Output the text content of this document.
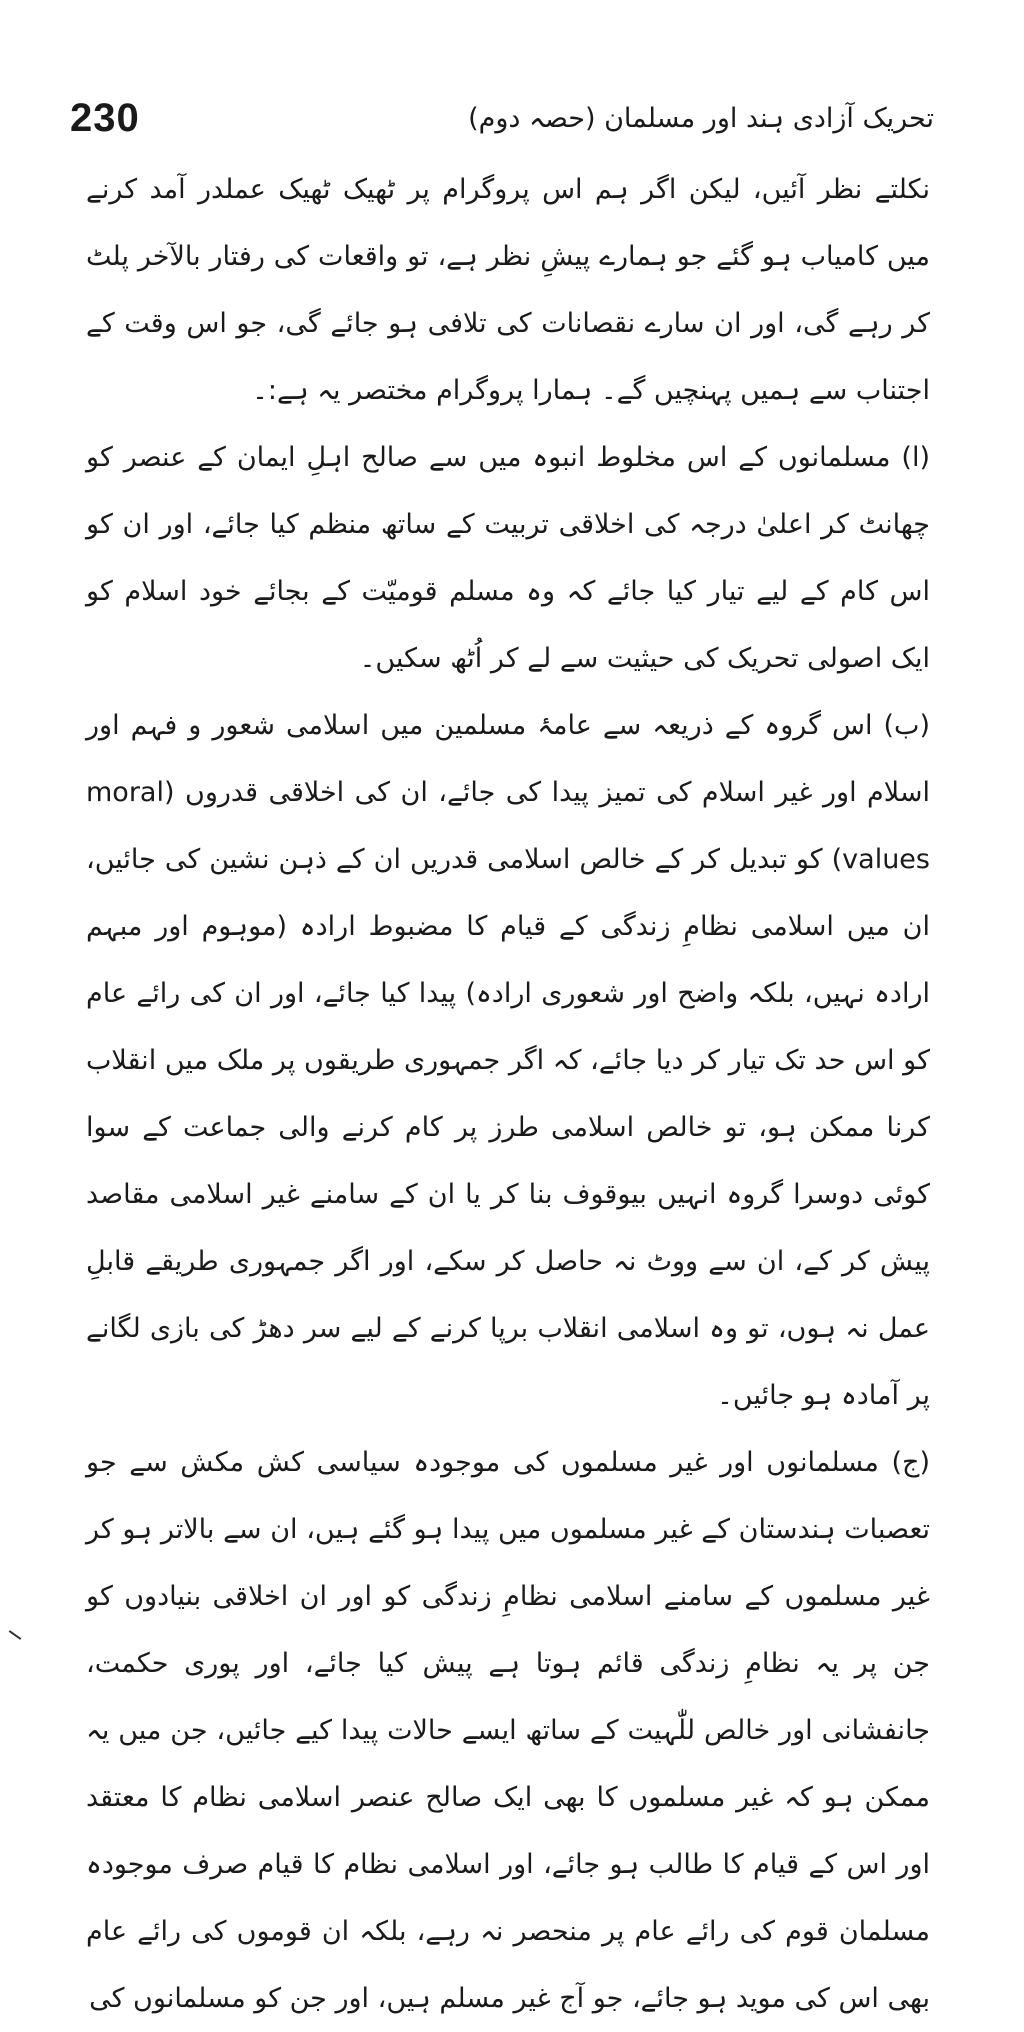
230	تحریک آزادی ہند اور مسلمان (حصہ دوم)

نکلتے نظر آئیں، لیکن اگر ہم اس پروگرام پر ٹھیک ٹھیک عملدر آمد کرنے میں کامیاب ہو گئے جو ہمارے پیشِ نظر ہے، تو واقعات کی رفتار بالآخر پلٹ کر رہے گی، اور ان سارے نقصانات کی تلافی ہو جائے گی، جو اس وقت کے اجتناب سے ہمیں پہنچیں گے۔ ہمارا پروگرام مختصر یہ ہے:۔

(ا) مسلمانوں کے اس مخلوط انبوہ میں سے صالح اہلِ ایمان کے عنصر کو چھانٹ کر اعلیٰ درجہ کی اخلاقی تربیت کے ساتھ منظم کیا جائے، اور ان کو اس کام کے لیے تیار کیا جائے کہ وہ مسلم قومیّت کے بجائے خود اسلام کو ایک اصولی تحریک کی حیثیت سے لے کر اُٹھ سکیں۔

(ب) اس گروہ کے ذریعہ سے عامۂ مسلمین میں اسلامی شعور و فہم اور اسلام اور غیر اسلام کی تمیز پیدا کی جائے، ان کی اخلاقی قدروں (moral values) کو تبدیل کر کے خالص اسلامی قدریں ان کے ذہن نشین کی جائیں، ان میں اسلامی نظامِ زندگی کے قیام کا مضبوط ارادہ (موہوم اور مبہم ارادہ نہیں، بلکہ واضح اور شعوری ارادہ) پیدا کیا جائے، اور ان کی رائے عام کو اس حد تک تیار کر دیا جائے، کہ اگر جمہوری طریقوں پر ملک میں انقلاب کرنا ممکن ہو، تو خالص اسلامی طرز پر کام کرنے والی جماعت کے سوا کوئی دوسرا گروہ انہیں بیوقوف بنا کر یا ان کے سامنے غیر اسلامی مقاصد پیش کر کے، ان سے ووٹ نہ حاصل کر سکے، اور اگر جمہوری طریقے قابلِ عمل نہ ہوں، تو وہ اسلامی انقلاب برپا کرنے کے لیے سر دھڑ کی بازی لگانے پر آمادہ ہو جائیں۔

(ج) مسلمانوں اور غیر مسلموں کی موجودہ سیاسی کش مکش سے جو تعصبات ہندستان کے غیر مسلموں میں پیدا ہو گئے ہیں، ان سے بالاتر ہو کر غیر مسلموں کے سامنے اسلامی نظامِ زندگی کو اور ان اخلاقی بنیادوں کو جن پر یہ نظامِ زندگی قائم ہوتا ہے پیش کیا جائے، اور پوری حکمت، جانفشانی اور خالص للّٰہیت کے ساتھ ایسے حالات پیدا کیے جائیں، جن میں یہ ممکن ہو کہ غیر مسلموں کا بھی ایک صالح عنصر اسلامی نظام کا معتقد اور اس کے قیام کا طالب ہو جائے، اور اسلامی نظام کا قیام صرف موجودہ مسلمان قوم کی رائے عام پر منحصر نہ رہے، بلکہ ان قوموں کی رائے عام بھی اس کی موید ہو جائے، جو آج غیر مسلم ہیں، اور جن کو مسلمانوں کی
